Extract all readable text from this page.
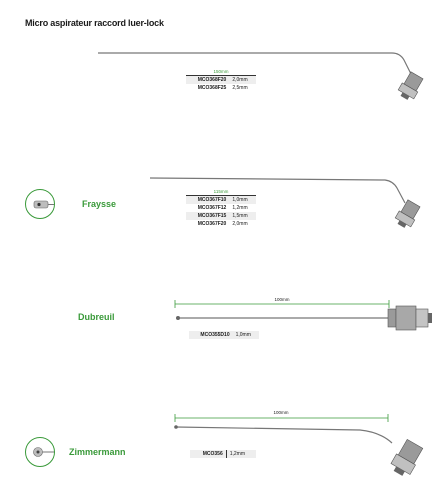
Micro aspirateur raccord luer-lock
150mm
MCO368F20	2,0mm
MCO368F25	2,5mm
Fraysse
115mm
MCO367F10	1,0mm
MCO367F12	1,2mm
MCO367F15	1,5mm
MCO367F20	2,0mm
Dubreuil
100mm
MCO355D10	1,0mm
Zimmermann
100mm
MCO356	1,2mm
